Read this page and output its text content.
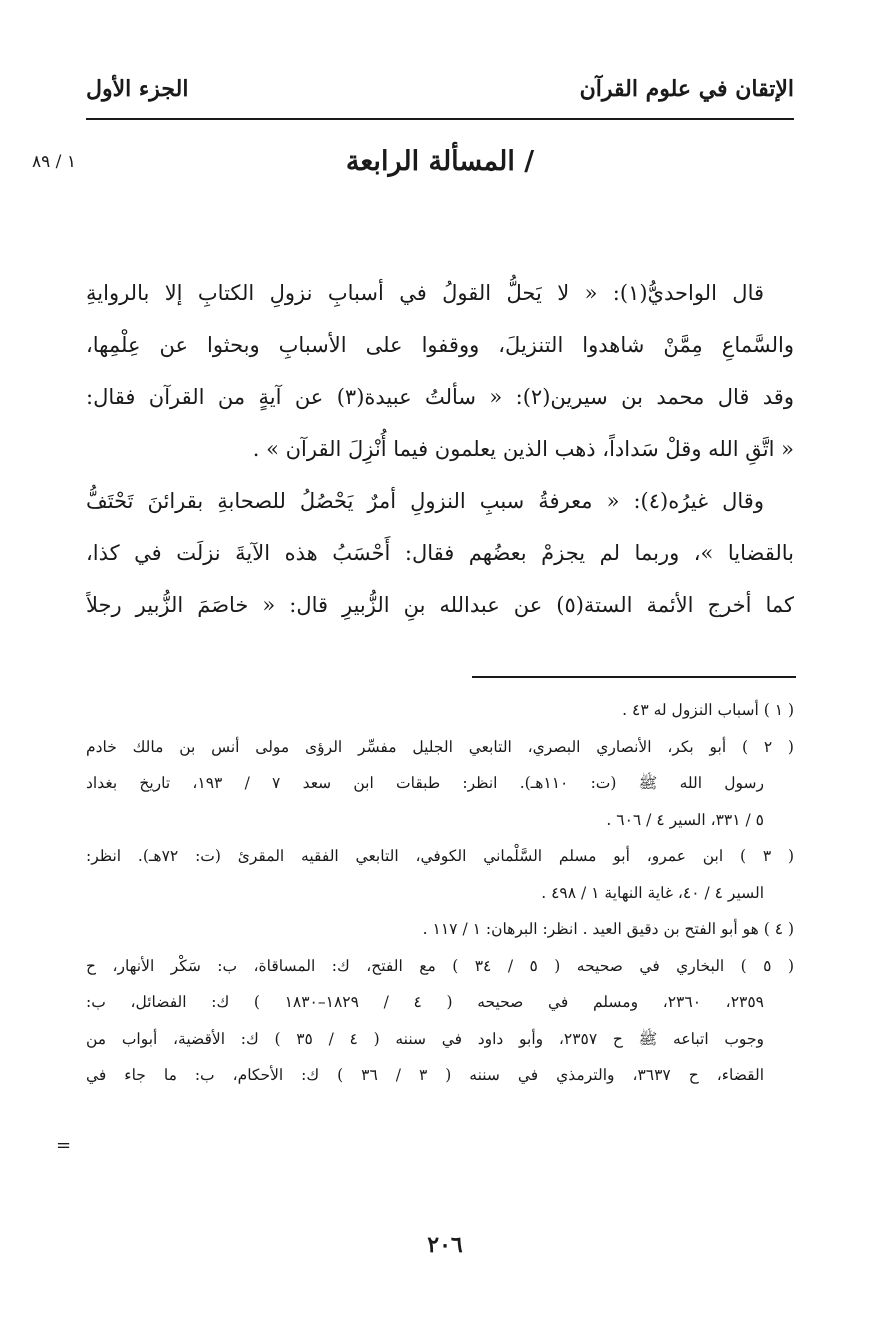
الإتقان في علوم القرآن
الجزء الأول
١ / ٨٩	/ المسألة الرابعة
قال الواحديُّ(١): « لا يَحلُّ القولُ في أسبابِ نزولِ الكتابِ إلا بالروايةِ
والسَّماعِ مِمَّنْ شاهدوا التنزيلَ، ووقفوا على الأسبابِ وبحثوا عن عِلْمِها،
وقد قال محمد بن سيرين(٢): « سألتُ عبيدة(٣) عن آيةٍ من القرآن فقال:
« اتَّقِ الله وقلْ سَداداً، ذهب الذين يعلمون فيما أُنْزِلَ القرآن » .
وقال غيرُه(٤): « معرفةُ سببِ النزولِ أمرٌ يَحْصُلُ للصحابةِ بقرائنَ تَحْتَفُّ
بالقضايا »، وربما لم يجزمْ بعضُهم فقال: أَحْسَبُ هذه الآيةَ نزلَت في كذا،
كما أخرج الأئمة الستة(٥) عن عبدالله بنِ الزُّبيرِ قال: « خاصَمَ الزُّبير رجلاً
( ١ ) أسباب النزول له ٤٣ .
( ٢ ) أبو بكر، الأنصاري البصري، التابعي الجليل مفسِّر الرؤى مولى أنس بن مالك خادم
رسول الله ﷺ (ت: ١١٠هـ). انظر: طبقات ابن سعد ٧ / ١٩٣، تاريخ بغداد
٥ / ٣٣١، السير ٤ / ٦٠٦ .
( ٣ ) ابن عمرو، أبو مسلم السَّلْماني الكوفي، التابعي الفقيه المقرئ (ت: ٧٢هـ). انظر:
السير ٤ / ٤٠، غاية النهاية ١ / ٤٩٨ .
( ٤ ) هو أبو الفتح بن دقيق العيد . انظر: البرهان: ١ / ١١٧ .
( ٥ ) البخاري في صحيحه ( ٥ / ٣٤ ) مع الفتح، ك: المساقاة، ب: سَكْر الأنهار، ح
٢٣٥٩، ٢٣٦٠، ومسلم في صحيحه ( ٤ / ١٨٢٩–١٨٣٠ ) ك: الفضائل، ب:
وجوب اتباعه ﷺ ح ٢٣٥٧، وأبو داود في سننه ( ٤ / ٣٥ ) ك: الأقضية، أبواب من
القضاء، ح ٣٦٣٧، والترمذي في سننه ( ٣ / ٣٦ ) ك: الأحكام، ب: ما جاء في
=
٢٠٦
